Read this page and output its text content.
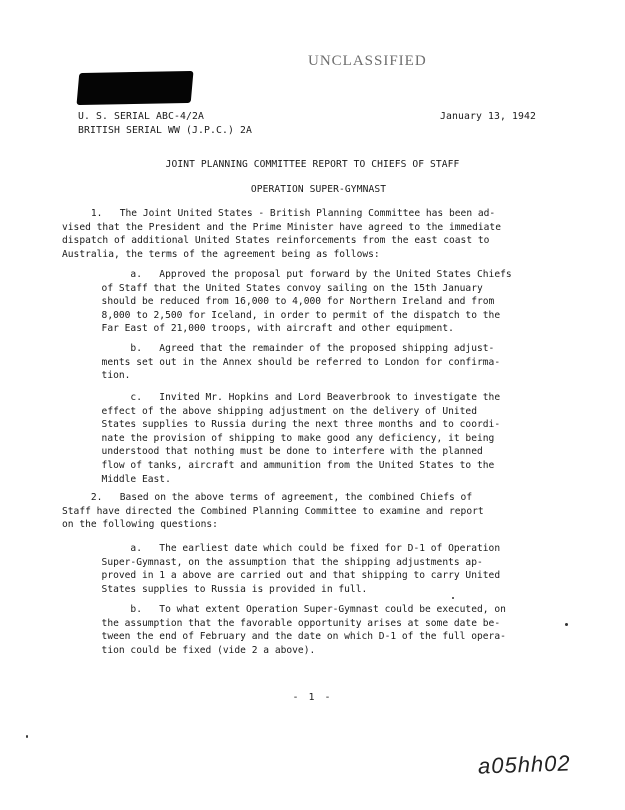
UNCLASSIFIED
U. S. SERIAL ABC-4/2A
BRITISH SERIAL WW (J.P.C.) 2A
January 13, 1942
JOINT PLANNING COMMITTEE REPORT TO CHIEFS OF STAFF
OPERATION SUPER-GYMNAST
1.   The Joint United States - British Planning Committee has been ad-
vised that the President and the Prime Minister have agreed to the immediate
dispatch of additional United States reinforcements from the east coast to
Australia, the terms of the agreement being as follows:
a.   Approved the proposal put forward by the United States Chiefs
of Staff that the United States convoy sailing on the 15th January
should be reduced from 16,000 to 4,000 for Northern Ireland and from
8,000 to 2,500 for Iceland, in order to permit of the dispatch to the
Far East of 21,000 troops, with aircraft and other equipment.
b.   Agreed that the remainder of the proposed shipping adjust-
ments set out in the Annex should be referred to London for confirma-
tion.
c.   Invited Mr. Hopkins and Lord Beaverbrook to investigate the
effect of the above shipping adjustment on the delivery of United
States supplies to Russia during the next three months and to coordi-
nate the provision of shipping to make good any deficiency, it being
understood that nothing must be done to interfere with the planned
flow of tanks, aircraft and ammunition from the United States to the
Middle East.
2.   Based on the above terms of agreement, the combined Chiefs of
Staff have directed the Combined Planning Committee to examine and report
on the following questions:
a.   The earliest date which could be fixed for D-1 of Operation
Super-Gymnast, on the assumption that the shipping adjustments ap-
proved in 1 a above are carried out and that shipping to carry United
States supplies to Russia is provided in full.
b.   To what extent Operation Super-Gymnast could be executed, on
the assumption that the favorable opportunity arises at some date be-
tween the end of February and the date on which D-1 of the full opera-
tion could be fixed (vide 2 a above).
- 1 -
a05hh02
